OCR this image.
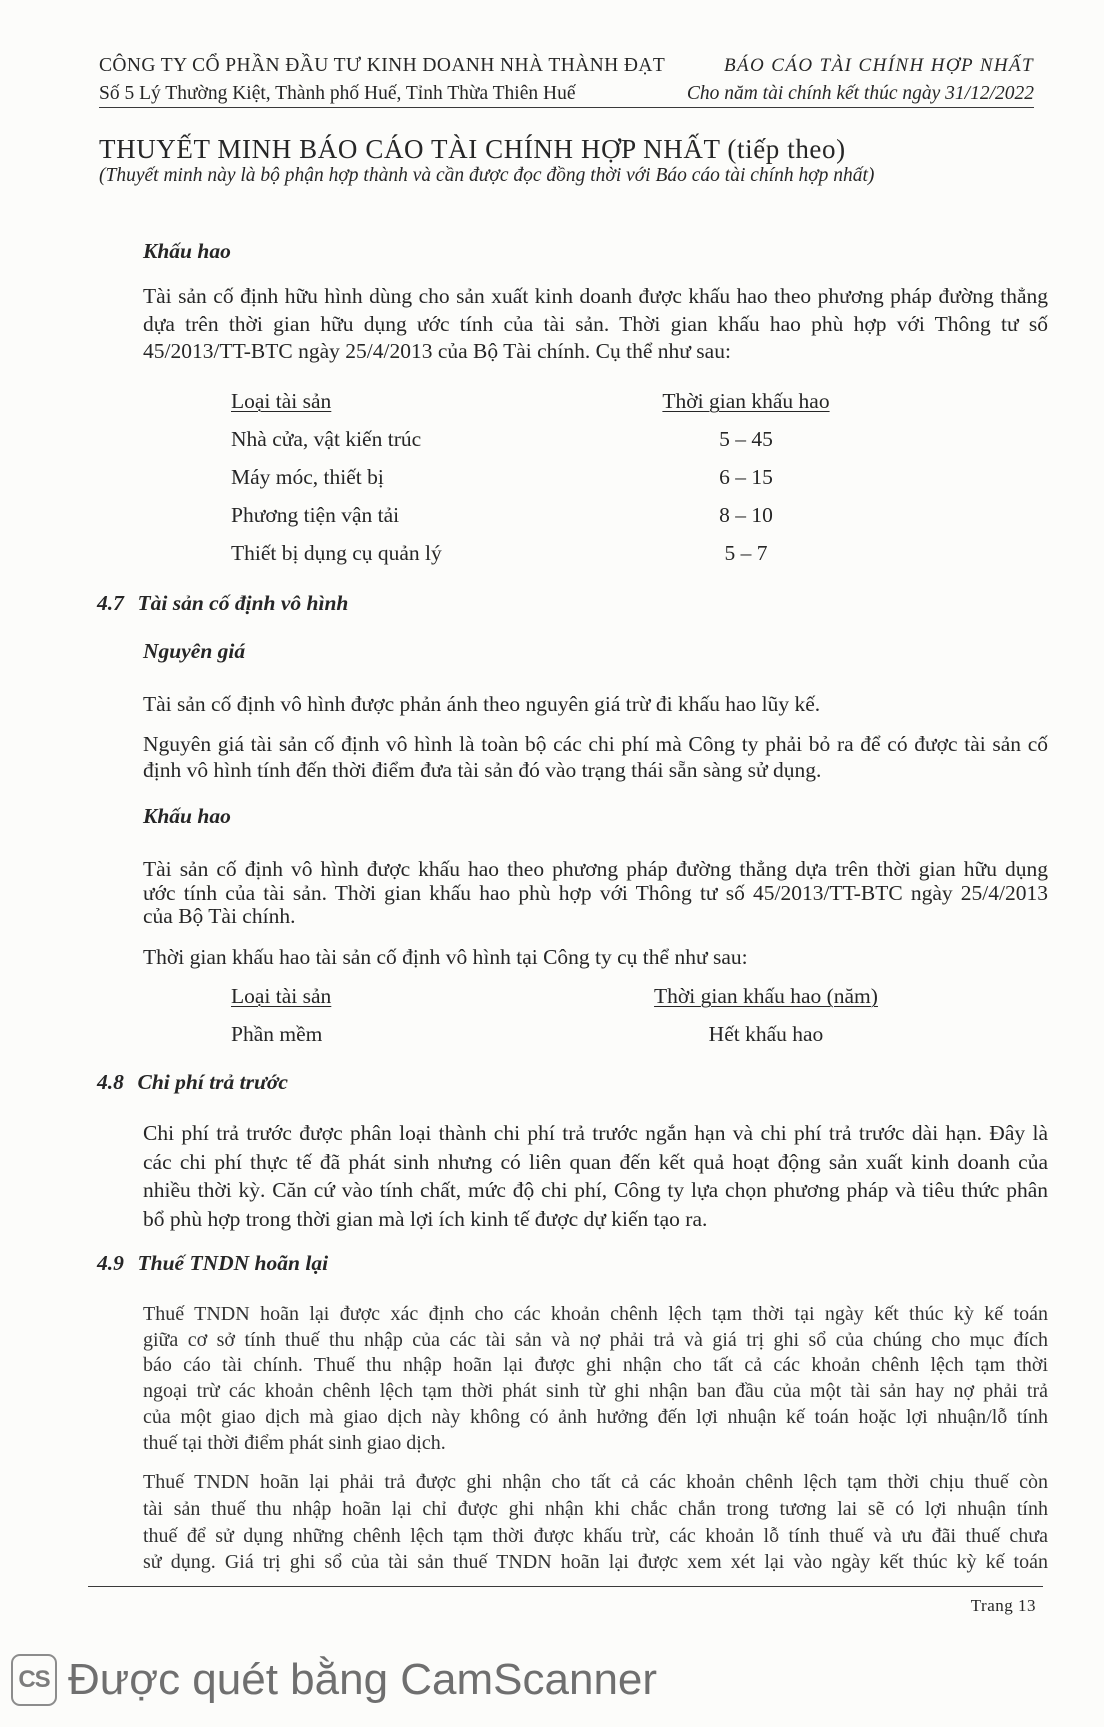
CÔNG TY CỔ PHẦN ĐẦU TƯ KINH DOANH NHÀ THÀNH ĐẠT	BÁO CÁO TÀI CHÍNH HỢP NHẤT
Số 5 Lý Thường Kiệt, Thành phố Huế, Tỉnh Thừa Thiên Huế	Cho năm tài chính kết thúc ngày 31/12/2022
THUYẾT MINH BÁO CÁO TÀI CHÍNH HỢP NHẤT (tiếp theo)
(Thuyết minh này là bộ phận hợp thành và cần được đọc đồng thời với Báo cáo tài chính hợp nhất)
Khấu hao
Tài sản cố định hữu hình dùng cho sản xuất kinh doanh được khấu hao theo phương pháp đường thẳng
dựa trên thời gian hữu dụng ước tính của tài sản. Thời gian khấu hao phù hợp với Thông tư số
45/2013/TT-BTC ngày 25/4/2013 của Bộ Tài chính. Cụ thể như sau:
Loại tài sản	Thời gian khấu hao
Nhà cửa, vật kiến trúc	5 – 45
Máy móc, thiết bị	6 – 15
Phương tiện vận tải	8 – 10
Thiết bị dụng cụ quản lý	5 – 7
4.7 Tài sản cố định vô hình
Nguyên giá
Tài sản cố định vô hình được phản ánh theo nguyên giá trừ đi khấu hao lũy kế.
Nguyên giá tài sản cố định vô hình là toàn bộ các chi phí mà Công ty phải bỏ ra để có được tài sản cố
định vô hình tính đến thời điểm đưa tài sản đó vào trạng thái sẵn sàng sử dụng.
Khấu hao
Tài sản cố định vô hình được khấu hao theo phương pháp đường thẳng dựa trên thời gian hữu dụng
ước tính của tài sản. Thời gian khấu hao phù hợp với Thông tư số 45/2013/TT-BTC ngày 25/4/2013
của Bộ Tài chính.
Thời gian khấu hao tài sản cố định vô hình tại Công ty cụ thể như sau:
Loại tài sản	Thời gian khấu hao (năm)
Phần mềm	Hết khấu hao
4.8 Chi phí trả trước
Chi phí trả trước được phân loại thành chi phí trả trước ngắn hạn và chi phí trả trước dài hạn. Đây là
các chi phí thực tế đã phát sinh nhưng có liên quan đến kết quả hoạt động sản xuất kinh doanh của
nhiều thời kỳ. Căn cứ vào tính chất, mức độ chi phí, Công ty lựa chọn phương pháp và tiêu thức phân
bổ phù hợp trong thời gian mà lợi ích kinh tế được dự kiến tạo ra.
4.9 Thuế TNDN hoãn lại
Thuế TNDN hoãn lại được xác định cho các khoản chênh lệch tạm thời tại ngày kết thúc kỳ kế toán
giữa cơ sở tính thuế thu nhập của các tài sản và nợ phải trả và giá trị ghi sổ của chúng cho mục đích
báo cáo tài chính. Thuế thu nhập hoãn lại được ghi nhận cho tất cả các khoản chênh lệch tạm thời
ngoại trừ các khoản chênh lệch tạm thời phát sinh từ ghi nhận ban đầu của một tài sản hay nợ phải trả
của một giao dịch mà giao dịch này không có ảnh hưởng đến lợi nhuận kế toán hoặc lợi nhuận/lỗ tính
thuế tại thời điểm phát sinh giao dịch.
Thuế TNDN hoãn lại phải trả được ghi nhận cho tất cả các khoản chênh lệch tạm thời chịu thuế còn
tài sản thuế thu nhập hoãn lại chỉ được ghi nhận khi chắc chắn trong tương lai sẽ có lợi nhuận tính
thuế để sử dụng những chênh lệch tạm thời được khấu trừ, các khoản lỗ tính thuế và ưu đãi thuế chưa
sử dụng. Giá trị ghi sổ của tài sản thuế TNDN hoãn lại được xem xét lại vào ngày kết thúc kỳ kế toán
Trang 13
CS Được quét bằng CamScanner
